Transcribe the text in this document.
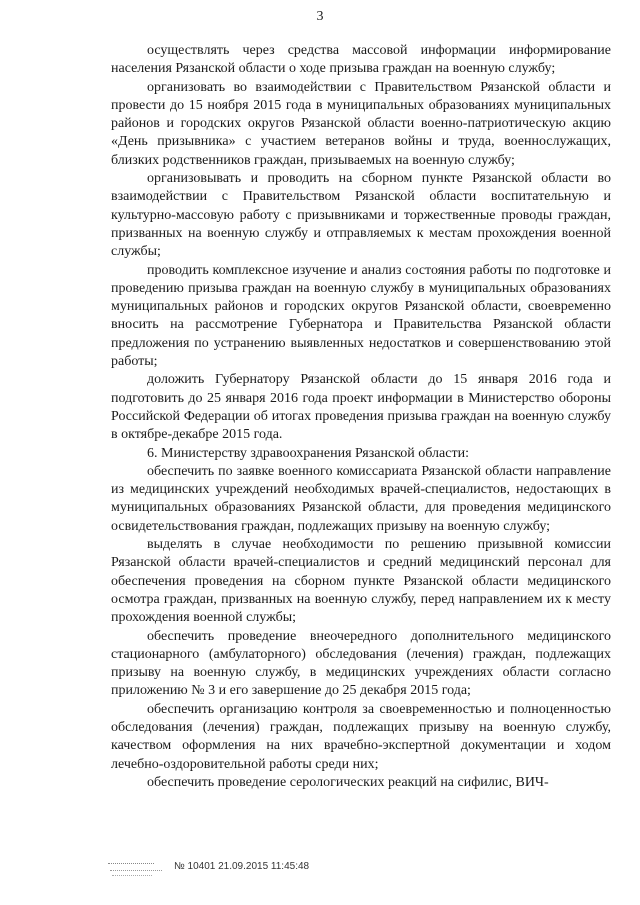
3

осуществлять через средства массовой информации информирование населения Рязанской области о ходе призыва граждан на военную службу;

организовать во взаимодействии с Правительством Рязанской области и провести до 15 ноября 2015 года в муниципальных образованиях муниципальных районов и городских округов Рязанской области военно-патриотическую акцию «День призывника» с участием ветеранов войны и труда, военнослужащих, близких родственников граждан, призываемых на военную службу;

организовывать и проводить на сборном пункте Рязанской области во взаимодействии с Правительством Рязанской области воспитательную и культурно-массовую работу с призывниками и торжественные проводы граждан, призванных на военную службу и отправляемых к местам прохождения военной службы;

проводить комплексное изучение и анализ состояния работы по подготовке и проведению призыва граждан на военную службу в муниципальных образованиях муниципальных районов и городских округов Рязанской области, своевременно вносить на рассмотрение Губернатора и Правительства Рязанской области предложения по устранению выявленных недостатков и совершенствованию этой работы;

доложить Губернатору Рязанской области до 15 января 2016 года и подготовить до 25 января 2016 года проект информации в Министерство обороны Российской Федерации об итогах проведения призыва граждан на военную службу в октябре-декабре 2015 года.

6. Министерству здравоохранения Рязанской области:

обеспечить по заявке военного комиссариата Рязанской области направление из медицинских учреждений необходимых врачей-специалистов, недостающих в муниципальных образованиях Рязанской области, для проведения медицинского освидетельствования граждан, подлежащих призыву на военную службу;

выделять в случае необходимости по решению призывной комиссии Рязанской области врачей-специалистов и средний медицинский персонал для обеспечения проведения на сборном пункте Рязанской области медицинского осмотра граждан, призванных на военную службу, перед направлением их к месту прохождения военной службы;

обеспечить проведение внеочередного дополнительного медицинского стационарного (амбулаторного) обследования (лечения) граждан, подлежащих призыву на военную службу, в медицинских учреждениях области согласно приложению № 3 и его завершение до 25 декабря 2015 года;

обеспечить организацию контроля за своевременностью и полноценностью обследования (лечения) граждан, подлежащих призыву на военную службу, качеством оформления на них врачебно-экспертной документации и ходом лечебно-оздоровительной работы среди них;

обеспечить проведение серологических реакций на сифилис, ВИЧ-

№ 10401 21.09.2015 11:45:48
